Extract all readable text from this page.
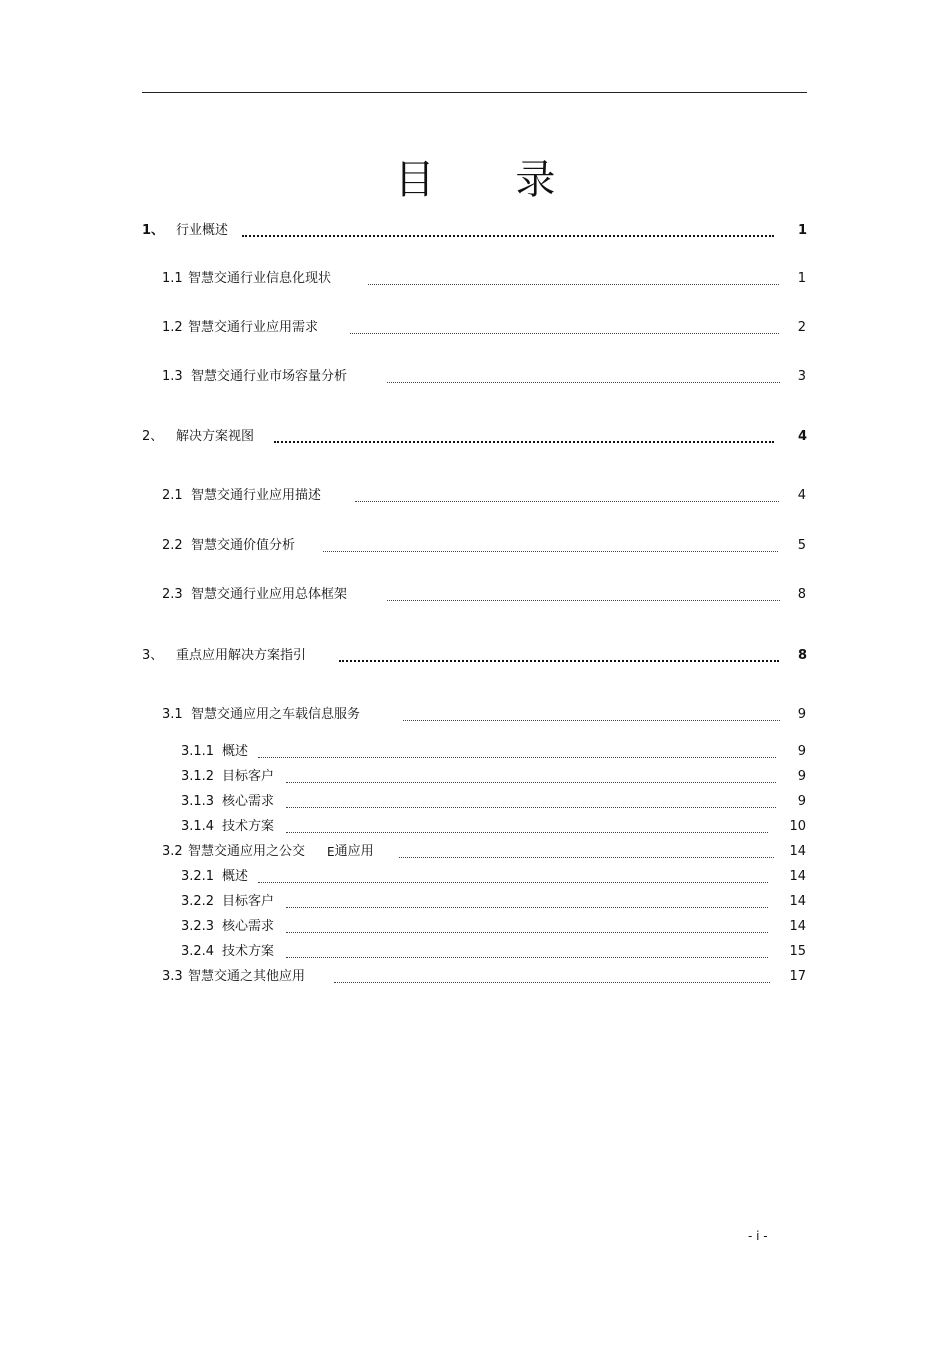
目 录
1、 行业概述	1
1.1 智慧交通行业信息化现状	1
1.2 智慧交通行业应用需求	2
1.3 智慧交通行业市场容量分析	3
2、 解决方案视图	4
2.1 智慧交通行业应用描述	4
2.2 智慧交通价值分析	5
2.3 智慧交通行业应用总体框架	8
3、 重点应用解决方案指引	8
3.1 智慧交通应用之车载信息服务	9
3.1.1 概述	9
3.1.2 目标客户	9
3.1.3 核心需求	9
3.1.4 技术方案	10
3.2 智慧交通应用之公交 E 通应用	14
3.2.1 概述	14
3.2.2 目标客户	14
3.2.3 核心需求	14
3.2.4 技术方案	15
3.3 智慧交通之其他应用	17
- i -
